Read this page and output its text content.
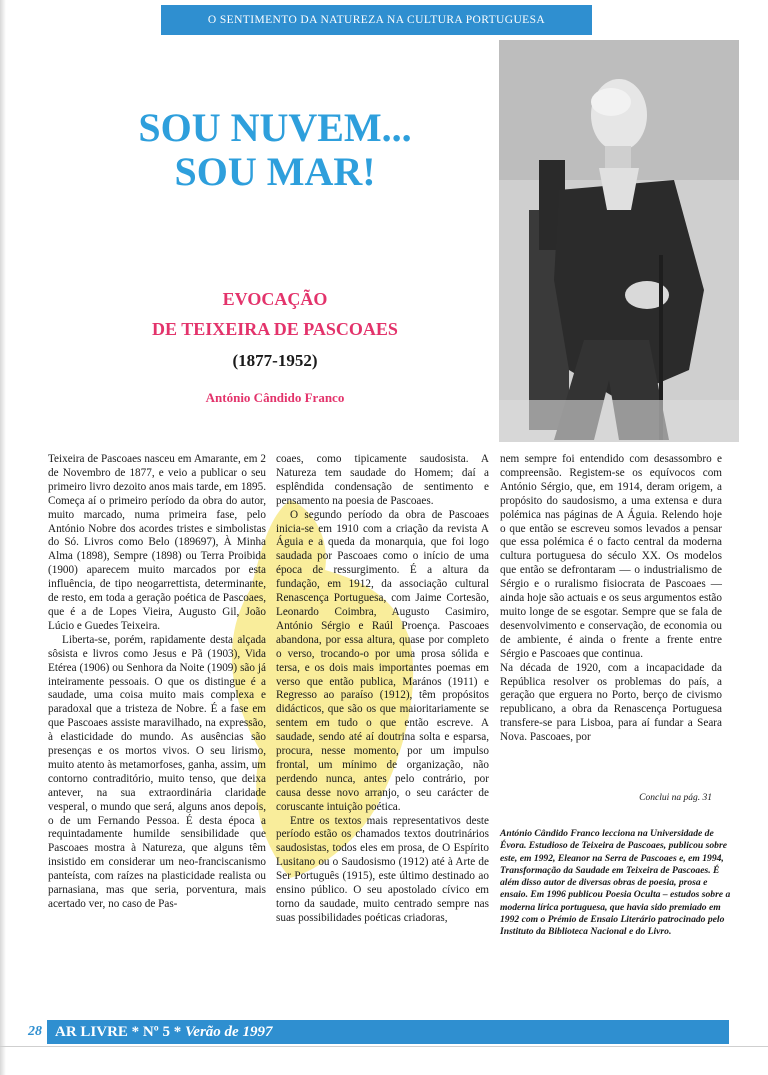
O SENTIMENTO DA NATUREZA NA CULTURA PORTUGUESA
SOU NUVEM...
SOU MAR!
EVOCAÇÃO
DE TEIXEIRA DE PASCOAES
(1877-1952)
António Cândido Franco

Teixeira de Pascoaes nasceu em Amarante, em 2 de Novembro de 1877, e veio a publicar o seu primeiro livro dezoito anos mais tarde, em 1895. Começa aí o primeiro período da obra do autor, muito marcado, numa primeira fase, pelo António Nobre dos acordes tristes e simbolistas do Só. Livros como Belo (189697), À Minha Alma (1898), Sempre (1898) ou Terra Proibida (1900) aparecem muito marcados por esta influência, de tipo neogarrettista, determinante, de resto, em toda a geração poética de Pascoaes, que é a de Lopes Vieira, Augusto Gil, João Lúcio e Guedes Teixeira.

Liberta-se, porém, rapidamente desta alçada sôsista e livros como Jesus e Pã (1903), Vida Etérea (1906) ou Senhora da Noite (1909) são já inteiramente pessoais. O que os distingue é a saudade, uma coisa muito mais complexa e paradoxal que a tristeza de Nobre. É a fase em que Pascoaes assiste maravilhado, na expressão, à elasticidade do mundo. As ausências são presenças e os mortos vivos. O seu lirismo, muito atento às metamorfoses, ganha, assim, um contorno contraditório, muito tenso, que deixa antever, na sua extraordinária claridade vesperal, o mundo que será, alguns anos depois, o de um Fernando Pessoa. É desta época a requintadamente humilde sensibilidade que Pascoaes mostra à Natureza, que alguns têm insistido em considerar um neo-franciscanismo panteísta, com raízes na plasticidade realista ou parnasiana, mas que seria, porventura, mais acertado ver, no caso de Pas-

coaes, como tipicamente saudosista. A Natureza tem saudade do Homem; daí a esplêndida condensação de sentimento e pensamento na poesia de Pascoaes.

O segundo período da obra de Pascoaes inicia-se em 1910 com a criação da revista A Águia e a queda da monarquia, que foi logo saudada por Pascoaes como o início de uma época de ressurgimento. É a altura da fundação, em 1912, da associação cultural Renascença Portuguesa, com Jaime Cortesão, Leonardo Coimbra, Augusto Casimiro, António Sérgio e Raúl Proença. Pascoaes abandona, por essa altura, quase por completo o verso, trocando-o por uma prosa sólida e tersa, e os dois mais importantes poemas em verso que então publica, Marános (1911) e Regresso ao paraíso (1912), têm propósitos didácticos, que são os que maioritariamente se sentem em tudo o que então escreve. A saudade, sendo até aí doutrina solta e esparsa, procura, nesse momento, por um impulso frontal, um mínimo de organização, não perdendo nunca, antes pelo contrário, por causa desse novo arranjo, o seu carácter de coruscante intuição poética.

Entre os textos mais representativos deste período estão os chamados textos doutrinários saudosistas, todos eles em prosa, de O Espírito Lusitano ou o Saudosismo (1912) até à Arte de Ser Português (1915), este último destinado ao ensino público. O seu apostolado cívico em torno da saudade, muito centrado sempre nas suas possibilidades poéticas criadoras,

nem sempre foi entendido com desassombro e compreensão. Registem-se os equívocos com António Sérgio, que, em 1914, deram origem, a propósito do saudosismo, a uma extensa e dura polémica nas páginas de A Águia. Relendo hoje o que então se escreveu somos levados a pensar que essa polémica é o facto central da moderna cultura portuguesa do século XX. Os modelos que então se defrontaram — o industrialismo de Sérgio e o ruralismo fisiocrata de Pascoaes — ainda hoje são actuais e os seus argumentos estão muito longe de se esgotar. Sempre que se fala de desenvolvimento e conservação, de economia ou de ambiente, é ainda o frente a frente entre Sérgio e Pascoaes que continua.

Na década de 1920, com a incapacidade da República resolver os problemas do país, a geração que erguera no Porto, berço de civismo republicano, a obra da Renascença Portuguesa transfere-se para Lisboa, para aí fundar a Seara Nova. Pascoaes, por

Conclui na pág. 31
António Cândido Franco lecciona na Universidade de Évora. Estudioso de Teixeira de Pascoaes, publicou sobre este, em 1992, Eleanor na Serra de Pascoaes e, em 1994, Transformação da Saudade em Teixeira de Pascoaes. É além disso autor de diversas obras de poesia, prosa e ensaio. Em 1996 publicou Poesia Oculta – estudos sobre a moderna lírica portuguesa, que havia sido premiado em 1992 com o Prémio de Ensaio Literário patrocinado pelo Instituto da Biblioteca Nacional e do Livro.
28 AR LIVRE * Nº 5 * Verão de 1997
